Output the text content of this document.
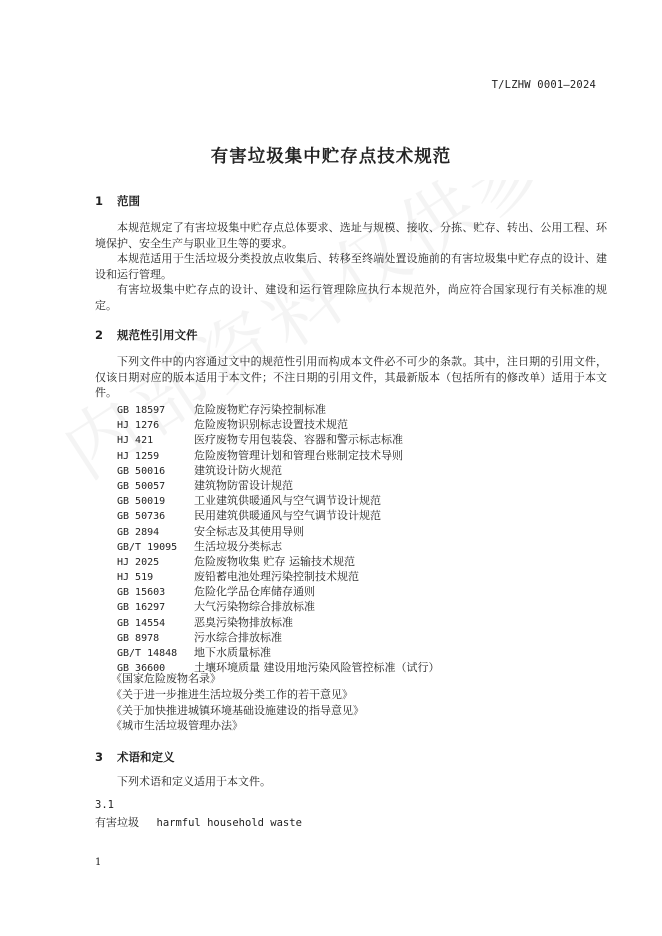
T/LZHW 0001—2024
有害垃圾集中贮存点技术规范
1 范围
本规范规定了有害垃圾集中贮存点总体要求、选址与规模、接收、分拣、贮存、转出、公用工程、环境保护、安全生产与职业卫生等的要求。
本规范适用于生活垃圾分类投放点收集后、转移至终端处置设施前的有害垃圾集中贮存点的设计、建设和运行管理。
有害垃圾集中贮存点的设计、建设和运行管理除应执行本规范外，尚应符合国家现行有关标准的规定。
2 规范性引用文件
下列文件中的内容通过文中的规范性引用而构成本文件必不可少的条款。其中，注日期的引用文件，仅该日期对应的版本适用于本文件；不注日期的引用文件，其最新版本（包括所有的修改单）适用于本文件。
GB 18597	危险废物贮存污染控制标准
HJ 1276	危险废物识别标志设置技术规范
HJ 421	医疗废物专用包装袋、容器和警示标志标准
HJ 1259	危险废物管理计划和管理台账制定技术导则
GB 50016	建筑设计防火规范
GB 50057	建筑物防雷设计规范
GB 50019	工业建筑供暖通风与空气调节设计规范
GB 50736	民用建筑供暖通风与空气调节设计规范
GB 2894	安全标志及其使用导则
GB/T 19095 生活垃圾分类标志
HJ 2025	危险废物收集 贮存 运输技术规范
HJ 519	废铅蓄电池处理污染控制技术规范
GB 15603	危险化学品仓库储存通则
GB 16297	大气污染物综合排放标准
GB 14554	恶臭污染物排放标准
GB 8978	污水综合排放标准
GB/T 14848 地下水质量标准
GB 36600	土壤环境质量 建设用地污染风险管控标准（试行）
《国家危险废物名录》
《关于进一步推进生活垃圾分类工作的若干意见》
《关于加快推进城镇环境基础设施建设的指导意见》
《城市生活垃圾管理办法》
3 术语和定义
下列术语和定义适用于本文件。
3.1
有害垃圾 harmful household waste
1
